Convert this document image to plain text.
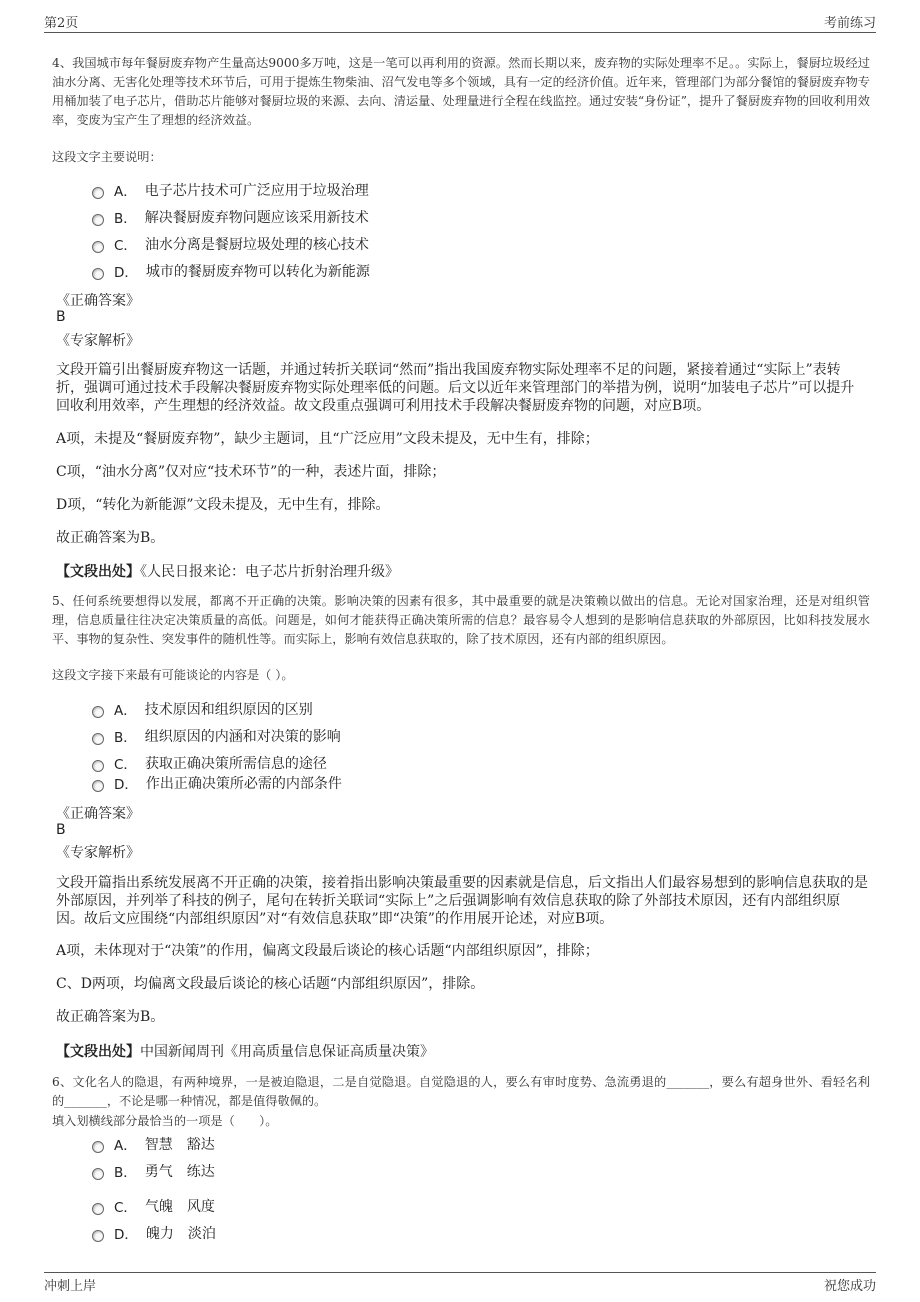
第2页	考前练习
4、我国城市每年餐厨废弃物产生量高达9000多万吨，这是一笔可以再利用的资源。然而长期以来，废弃物的实际处理率不足。。实际上，餐厨垃圾经过油水分离、无害化处理等技术环节后，可用于提炼生物柴油、沼气发电等多个领域，具有一定的经济价值。近年来，管理部门为部分餐馆的餐厨废弃物专用桶加装了电子芯片，借助芯片能够对餐厨垃圾的来源、去向、清运量、处理量进行全程在线监控。通过安装“身份证”，提升了餐厨废弃物的回收利用效率，变废为宝产生了理想的经济效益。
这段文字主要说明：
A． 电子芯片技术可广泛应用于垃圾治理
B． 解决餐厨废弃物问题应该采用新技术
C． 油水分离是餐厨垃圾处理的核心技术
D． 城市的餐厨废弃物可以转化为新能源
《正确答案》
B
《专家解析》
文段开篇引出餐厨废弃物这一话题，并通过转折关联词“然而”指出我国废弃物实际处理率不足的问题，紧接着通过“实际上”表转折，强调可通过技术手段解决餐厨废弃物实际处理率低的问题。后文以近年来管理部门的举措为例，说明“加装电子芯片”可以提升回收利用效率，产生理想的经济效益。故文段重点强调可利用技术手段解决餐厨废弃物的问题，对应B项。
A项，未提及“餐厨废弃物”，缺少主题词，且“广泛应用”文段未提及，无中生有，排除；
C项，“油水分离”仅对应“技术环节”的一种，表述片面，排除；
D项，“转化为新能源”文段未提及，无中生有，排除。
故正确答案为B。
【文段出处】《人民日报来论：电子芯片折射治理升级》
5、任何系统要想得以发展，都离不开正确的决策。影响决策的因素有很多，其中最重要的就是决策赖以做出的信息。无论对国家治理，还是对组织管理，信息质量往往决定决策质量的高低。问题是，如何才能获得正确决策所需的信息？最容易令人想到的是影响信息获取的外部原因，比如科技发展水平、事物的复杂性、突发事件的随机性等。而实际上，影响有效信息获取的，除了技术原因，还有内部的组织原因。
这段文字接下来最有可能谈论的内容是（ ）。
A． 技术原因和组织原因的区别
B． 组织原因的内涵和对决策的影响
C． 获取正确决策所需信息的途径
D． 作出正确决策所必需的内部条件
《正确答案》
B
《专家解析》
文段开篇指出系统发展离不开正确的决策，接着指出影响决策最重要的因素就是信息，后文指出人们最容易想到的影响信息获取的是外部原因，并列举了科技的例子，尾句在转折关联词“实际上”之后强调影响有效信息获取的除了外部技术原因，还有内部组织原因。故后文应围绕“内部组织原因”对“有效信息获取”即“决策”的作用展开论述，对应B项。
A项，未体现对于“决策”的作用，偏离文段最后谈论的核心话题“内部组织原因”，排除；
C、D两项，均偏离文段最后谈论的核心话题“内部组织原因”，排除。
故正确答案为B。
【文段出处】中国新闻周刊《用高质量信息保证高质量决策》
6、文化名人的隐退，有两种境界，一是被迫隐退，二是自觉隐退。自觉隐退的人，要么有审时度势、急流勇退的_______，要么有超身世外、看轻名利的_______，不论是哪一种情况，都是值得敬佩的。
填入划横线部分最恰当的一项是（　　）。
A． 智慧　豁达
B． 勇气　练达
C． 气魄　风度
D． 魄力　淡泊
冲刺上岸	祝您成功
